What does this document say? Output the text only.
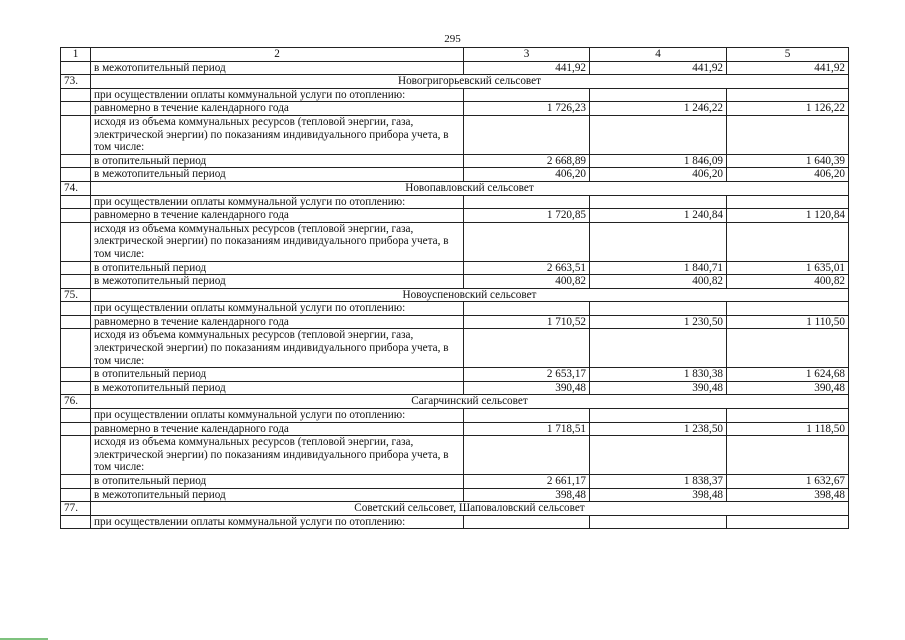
295
1	2	3	4	5
	в межотопительный период	441,92	441,92	441,92
73.	Новогригорьевский сельсовет			
	при осуществлении оплаты коммунальной услуги по отоплению:			
	равномерно в течение календарного года	1 726,23	1 246,22	1 126,22
	исходя из объема коммунальных ресурсов (тепловой энергии, газа, электрической энергии) по показаниям индивидуального прибора учета, в том числе:			
	в отопительный период	2 668,89	1 846,09	1 640,39
	в межотопительный период	406,20	406,20	406,20
74.	Новопавловский сельсовет			
	при осуществлении оплаты коммунальной услуги по отоплению:			
	равномерно в течение календарного года	1 720,85	1 240,84	1 120,84
	исходя из объема коммунальных ресурсов (тепловой энергии, газа, электрической энергии) по показаниям индивидуального прибора учета, в том числе:			
	в отопительный период	2 663,51	1 840,71	1 635,01
	в межотопительный период	400,82	400,82	400,82
75.	Новоуспеновский сельсовет			
	при осуществлении оплаты коммунальной услуги по отоплению:			
	равномерно в течение календарного года	1 710,52	1 230,50	1 110,50
	исходя из объема коммунальных ресурсов (тепловой энергии, газа, электрической энергии) по показаниям индивидуального прибора учета, в том числе:			
	в отопительный период	2 653,17	1 830,38	1 624,68
	в межотопительный период	390,48	390,48	390,48
76.	Сагарчинский сельсовет			
	при осуществлении оплаты коммунальной услуги по отоплению:			
	равномерно в течение календарного года	1 718,51	1 238,50	1 118,50
	исходя из объема коммунальных ресурсов (тепловой энергии, газа, электрической энергии) по показаниям индивидуального прибора учета, в том числе:			
	в отопительный период	2 661,17	1 838,37	1 632,67
	в межотопительный период	398,48	398,48	398,48
77.	Советский сельсовет, Шаповаловский сельсовет			
	при осуществлении оплаты коммунальной услуги по отоплению:			
